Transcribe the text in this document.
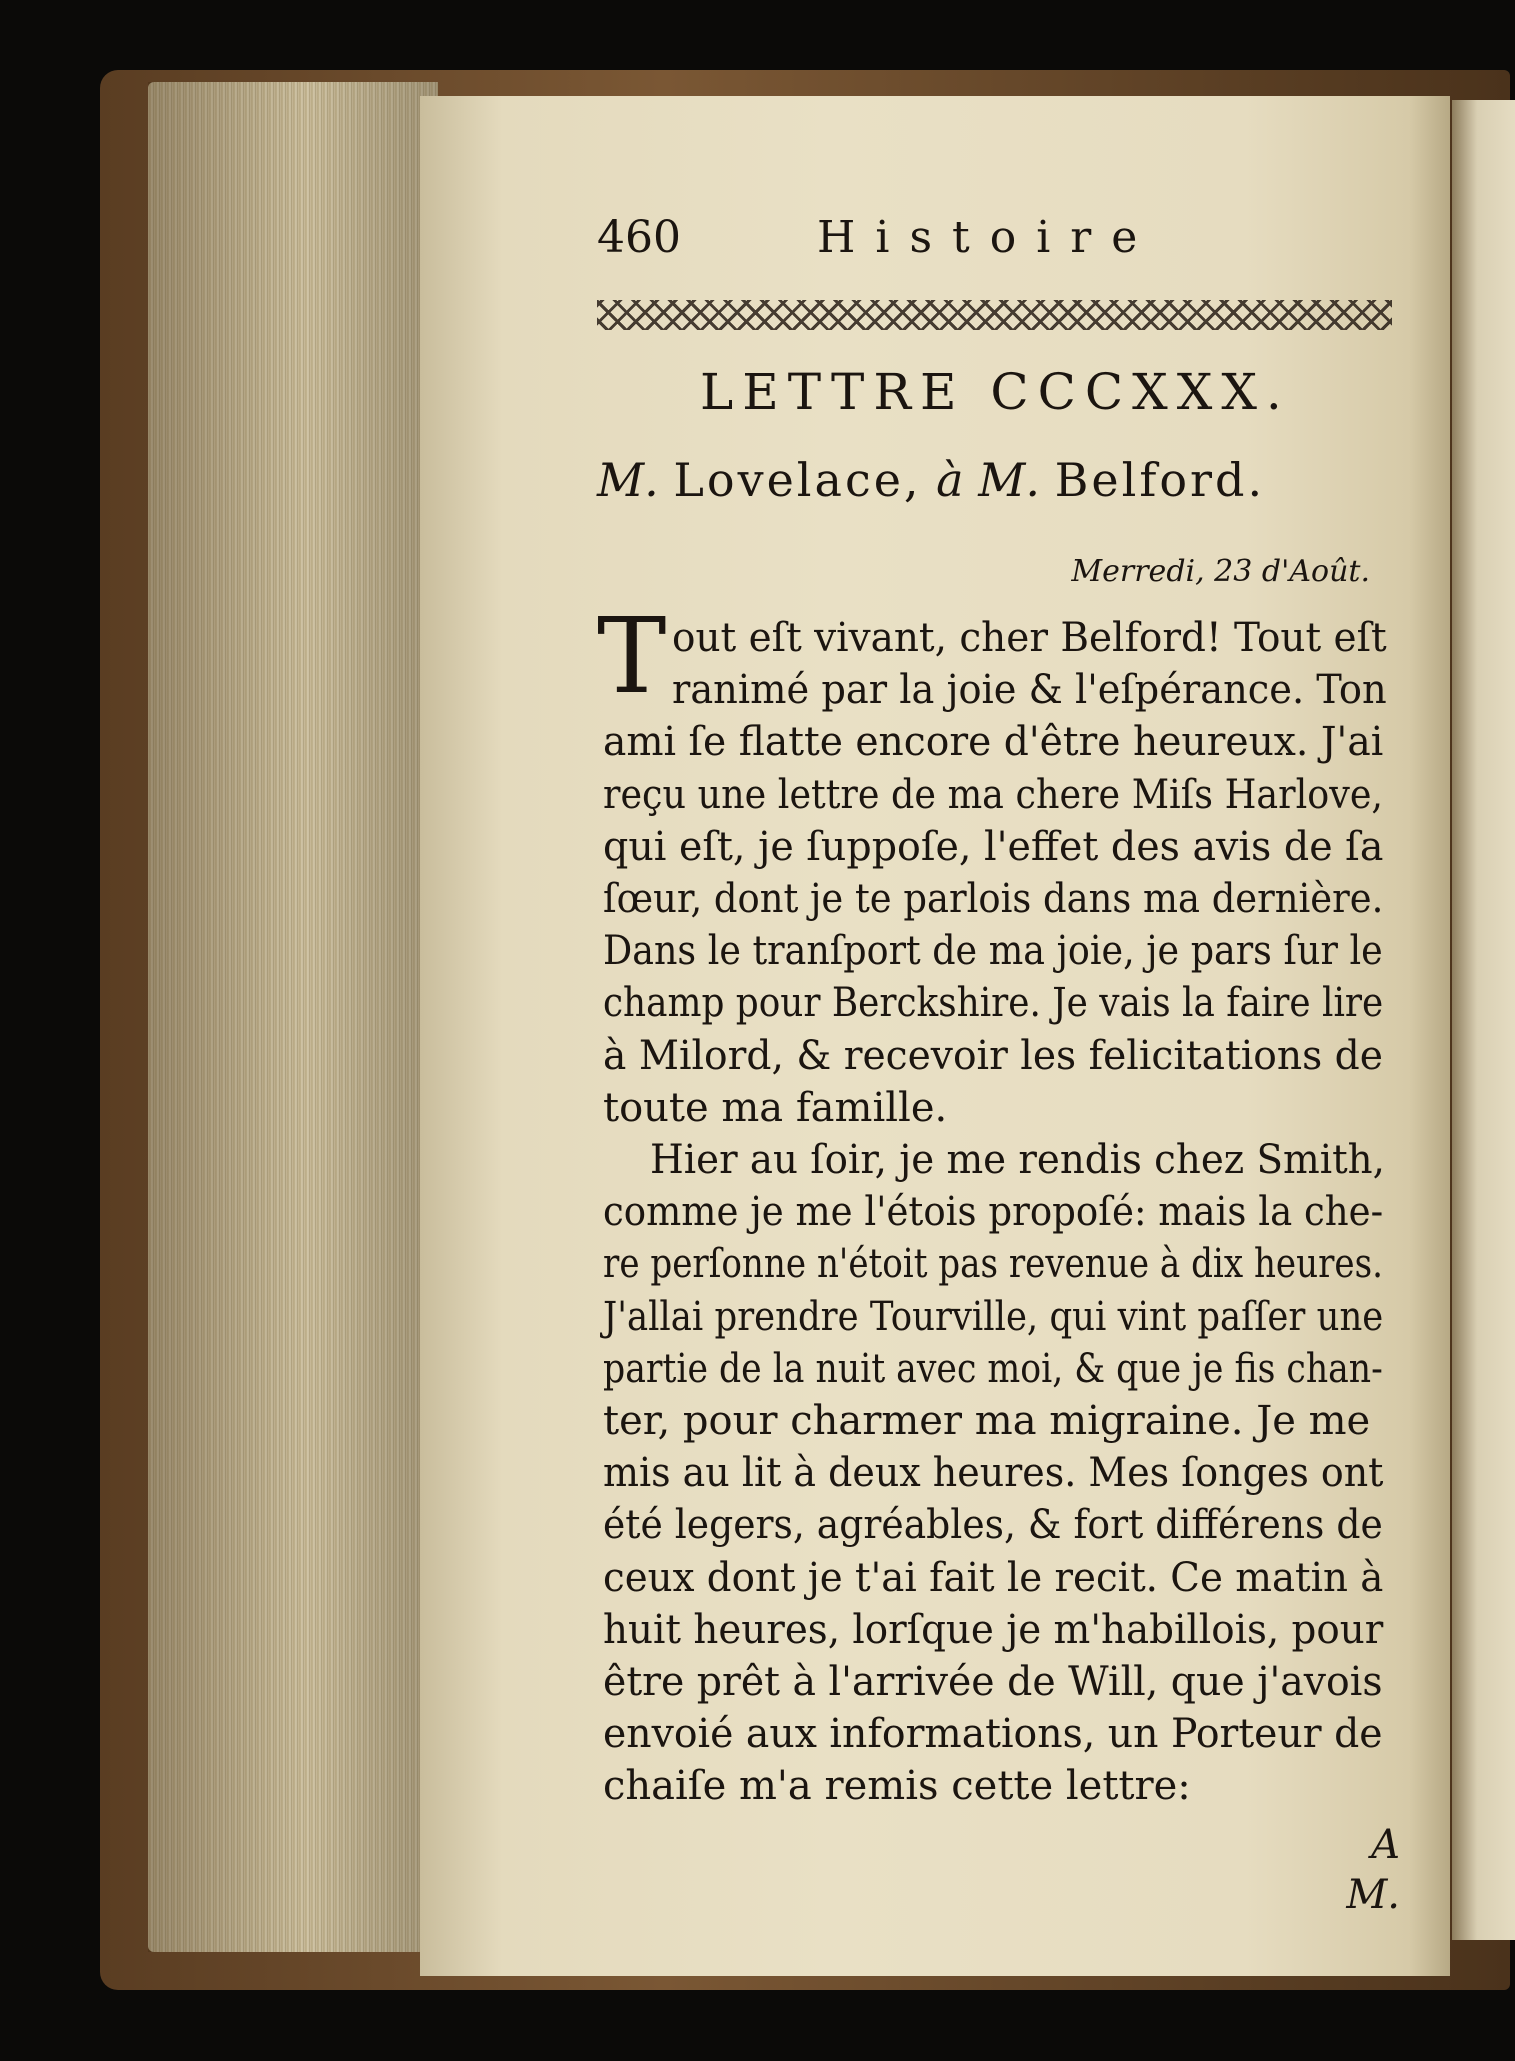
460	Histoire
LETTRE CCCXXX.
M. Lovelace, à M. Belford.
Merredi, 23 d'Août.
T out eſt vivant, cher Belford! Tout eſt
ranimé par la joie & l'eſpérance. Ton
ami ſe flatte encore d'être heureux. J'ai
reçu une lettre de ma chere Miſs Harlove,
qui eſt, je ſuppoſe, l'effet des avis de ſa
ſœur, dont je te parlois dans ma dernière.
Dans le tranſport de ma joie, je pars ſur le
champ pour Berckshire. Je vais la faire lire
à Milord, & recevoir les felicitations de
toute ma famille.
Hier au ſoir, je me rendis chez Smith,
comme je me l'étois propoſé: mais la che-
re perſonne n'étoit pas revenue à dix heures.
J'allai prendre Tourville, qui vint paſſer une
partie de la nuit avec moi, & que je fis chan-
ter, pour charmer ma migraine. Je me
mis au lit à deux heures. Mes ſonges ont
été legers, agréables, & fort différens de
ceux dont je t'ai fait le recit. Ce matin à
huit heures, lorſque je m'habillois, pour
être prêt à l'arrivée de Will, que j'avois
envoié aux informations, un Porteur de
chaiſe m'a remis cette lettre:
A M.
